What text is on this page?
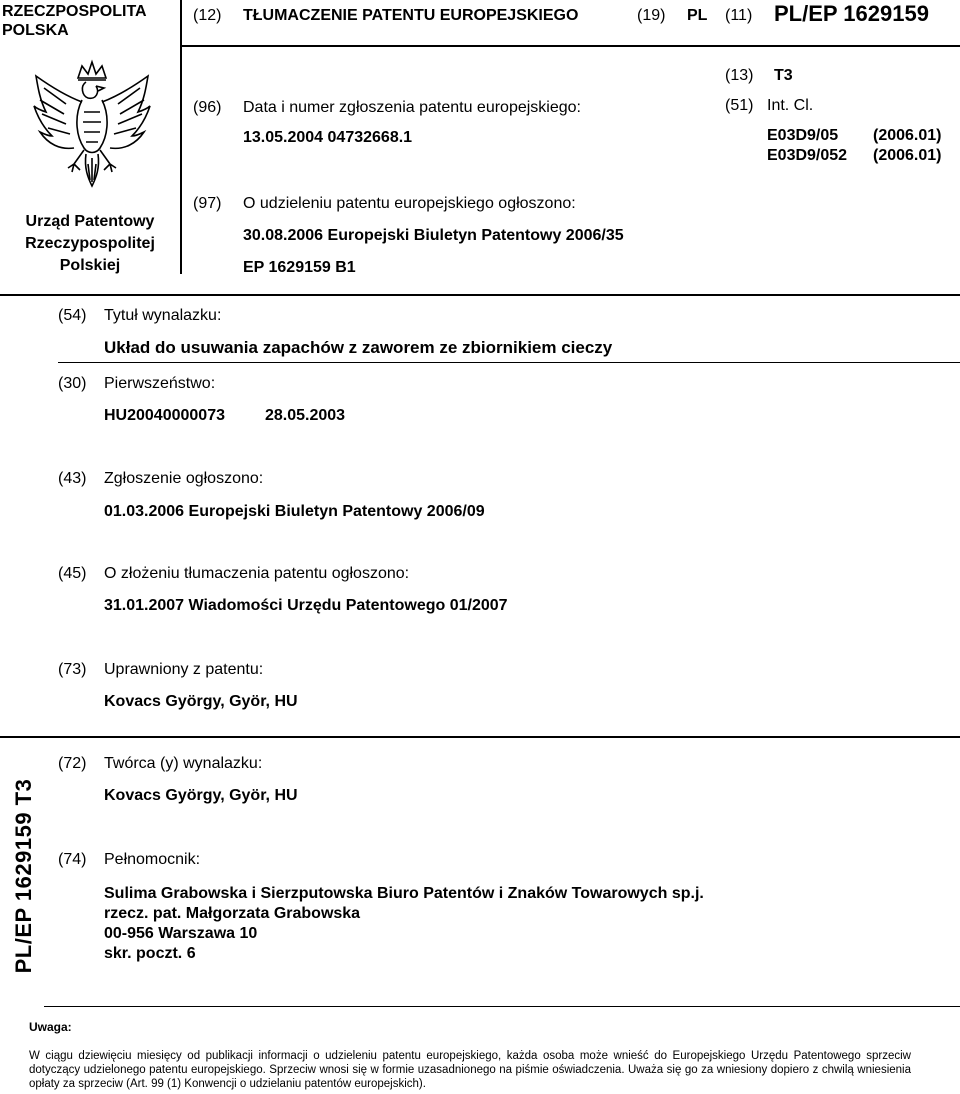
RZECZPOSPOLITA POLSKA
(12) TŁUMACZENIE PATENTU EUROPEJSKIEGO	(19) PL (11) PL/EP 1629159
Urząd Patentowy
Rzeczypospolitej
Polskiej
(13) T3
(51) Int. Cl.
E03D9/05 (2006.01)
E03D9/052 (2006.01)
(96) Data i numer zgłoszenia patentu europejskiego:
13.05.2004 04732668.1
(97) O udzieleniu patentu europejskiego ogłoszono:
30.08.2006 Europejski Biuletyn Patentowy 2006/35
EP 1629159 B1
(54) Tytuł wynalazku:
Układ do usuwania zapachów z zaworem ze zbiornikiem cieczy
(30) Pierwszeństwo:
HU20040000073	28.05.2003
(43) Zgłoszenie ogłoszono:
01.03.2006 Europejski Biuletyn Patentowy 2006/09
(45) O złożeniu tłumaczenia patentu ogłoszono:
31.01.2007 Wiadomości Urzędu Patentowego 01/2007
(73) Uprawniony z patentu:
Kovacs György, Györ, HU
PL/EP 1629159 T3
(72) Twórca (y) wynalazku:
Kovacs György, Györ, HU
(74) Pełnomocnik:
Sulima Grabowska i Sierzputowska Biuro Patentów i Znaków Towarowych sp.j.
rzecz. pat. Małgorzata Grabowska
00-956 Warszawa 10
skr. poczt. 6
Uwaga:
W ciągu dziewięciu miesięcy od publikacji informacji o udzieleniu patentu europejskiego, każda osoba może wnieść do Europejskiego Urzędu Patentowego sprzeciw dotyczący udzielonego patentu europejskiego. Sprzeciw wnosi się w formie uzasadnionego na piśmie oświadczenia. Uważa się go za wniesiony dopiero z chwilą wniesienia opłaty za sprzeciw (Art. 99 (1) Konwencji o udzielaniu patentów europejskich).
